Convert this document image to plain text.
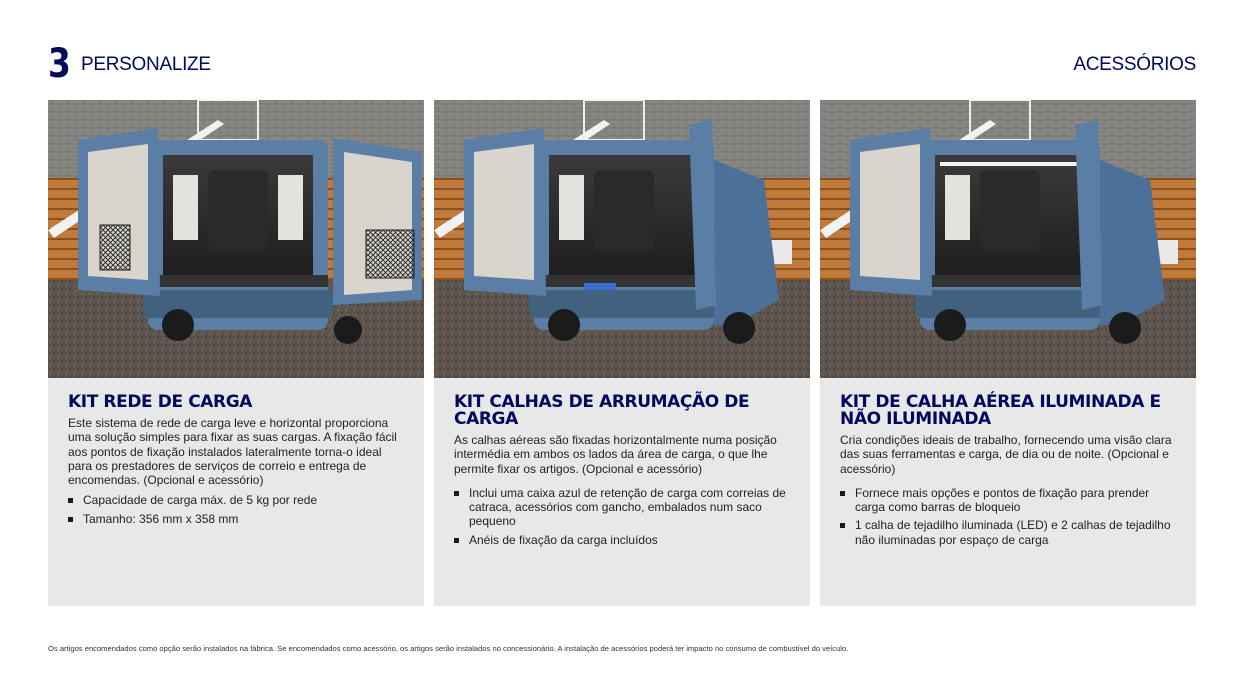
3 PERSONALIZE	ACESSÓRIOS
KIT REDE DE CARGA

Este sistema de rede de carga leve e horizontal proporciona uma solução simples para fixar as suas cargas. A fixação fácil aos pontos de fixação instalados lateralmente torna-o ideal para os prestadores de serviços de correio e entrega de encomendas. (Opcional e acessório)

Capacidade de carga máx. de 5 kg por rede
Tamanho: 356 mm x 358 mm
KIT CALHAS DE ARRUMAÇÃO DE CARGA

As calhas aéreas são fixadas horizontalmente numa posição intermédia em ambos os lados da área de carga, o que lhe permite fixar os artigos. (Opcional e acessório)

Inclui uma caixa azul de retenção de carga com correias de catraca, acessórios com gancho, embalados num saco pequeno
Anéis de fixação da carga incluídos
KIT DE CALHA AÉREA ILUMINADA E NÃO ILUMINADA

Cria condições ideais de trabalho, fornecendo uma visão clara das suas ferramentas e carga, de dia ou de noite. (Opcional e acessório)

Fornece mais opções e pontos de fixação para prender carga como barras de bloqueio
1 calha de tejadilho iluminada (LED) e 2 calhas de tejadilho não iluminadas por espaço de carga
Os artigos encomendados como opção serão instalados na fábrica. Se encomendados como acessório, os artigos serão instalados no concessionário. A instalação de acessórios poderá ter impacto no consumo de combustível do veículo.
